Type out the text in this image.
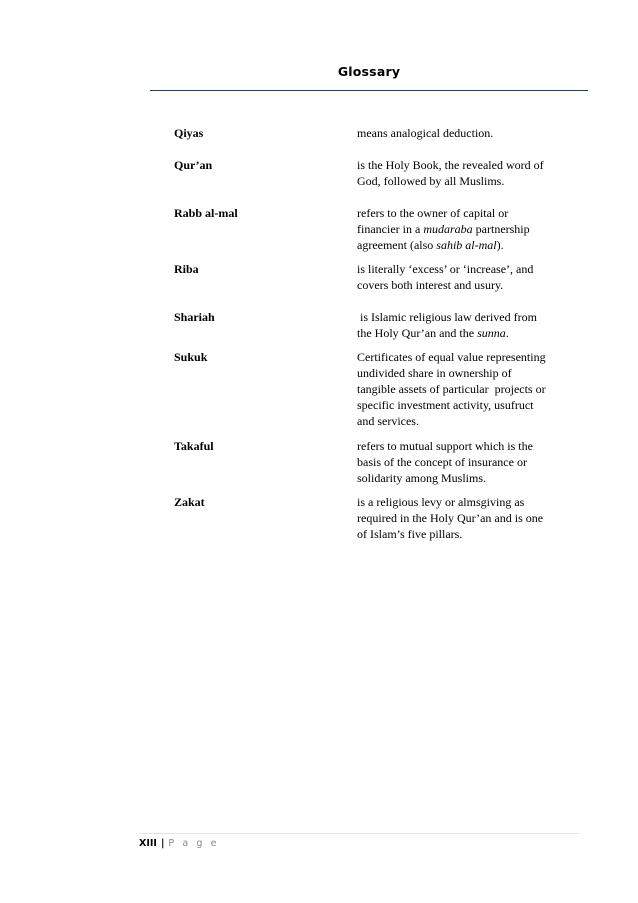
Glossary
Qiyas	means analogical deduction.
Qur’an	is the Holy Book, the revealed word of
God, followed by all Muslims.
Rabb al-mal	refers to the owner of capital or
financier in a mudaraba partnership
agreement (also sahib al-mal).
Riba	is literally ‘excess’ or ‘increase’, and
covers both interest and usury.
Shariah	is Islamic religious law derived from
the Holy Qur’an and the sunna.
Sukuk	Certificates of equal value representing
undivided share in ownership of
tangible assets of particular  projects or
specific investment activity, usufruct
and services.
Takaful	refers to mutual support which is the
basis of the concept of insurance or
solidarity among Muslims.
Zakat	is a religious levy or almsgiving as
required in the Holy Qur’an and is one
of Islam’s five pillars.
XIII | P a g e
